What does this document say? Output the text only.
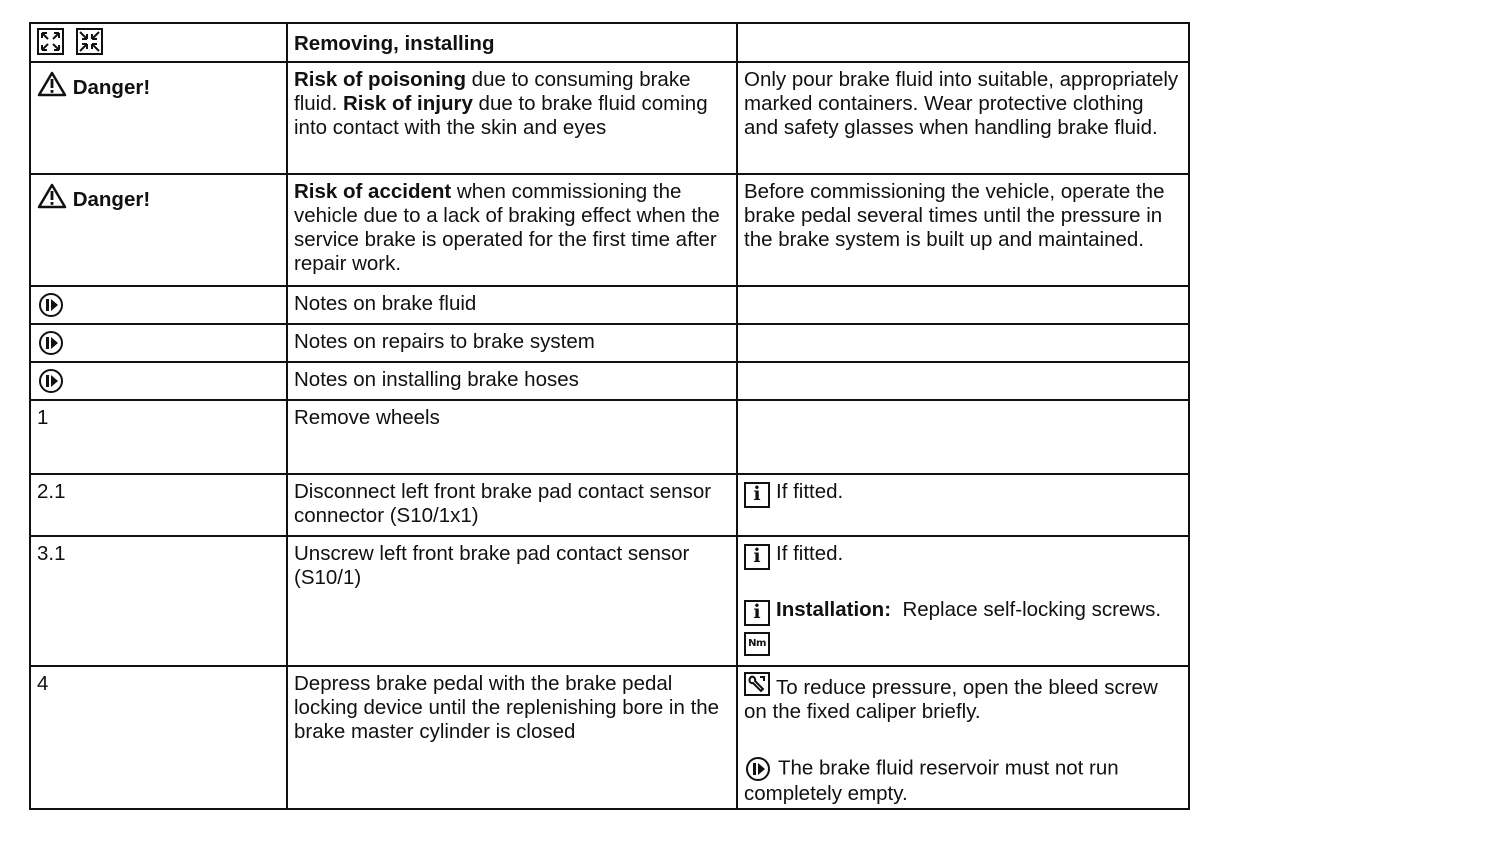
	Removing, installing	

Danger!	Risk of poisoning due to consuming brake fluid. Risk of injury due to brake fluid coming into contact with the skin and eyes	Only pour brake fluid into suitable, appropriately marked containers. Wear protective clothing and safety glasses when handling brake fluid.

Danger!	Risk of accident when commissioning the vehicle due to a lack of braking effect when the service brake is operated for the first time after repair work.	Before commissioning the vehicle, operate the brake pedal several times until the pressure in the brake system is built up and maintained.

	Notes on brake fluid	

	Notes on repairs to brake system	

	Notes on installing brake hoses	
1	Remove wheels	
2.1	Disconnect left front brake pad contact sensor connector (S10/1x1)	i If fitted.
3.1	Unscrew left front brake pad contact sensor (S10/1)	i If fitted.
i Installation:  Replace self-locking screws.
Nm
4	Depress brake pedal with the brake pedal locking device until the replenishing bore in the brake master cylinder is closed	To reduce pressure, open the bleed screw on the fixed caliper briefly.
The brake fluid reservoir must not run completely empty.
